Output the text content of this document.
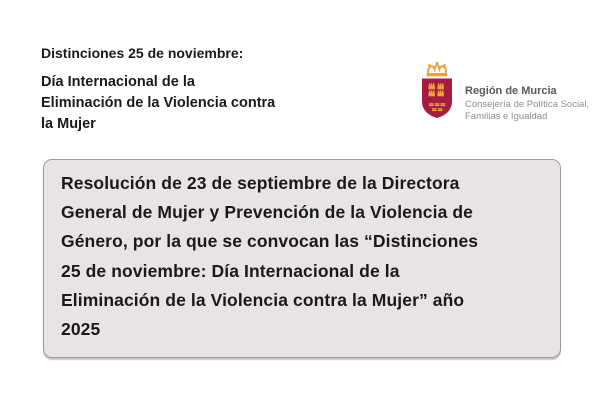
Distinciones 25 de noviembre:
Día Internacional de la
Eliminación de la Violencia contra
la Mujer
Región de Murcia
Consejería de Política Social,
Familias e Igualdad
Resolución de 23 de septiembre de la Directora
General de Mujer y Prevención de la Violencia de
Género, por la que se convocan las “Distinciones
25 de noviembre: Día Internacional de la
Eliminación de la Violencia contra la Mujer” año
2025
